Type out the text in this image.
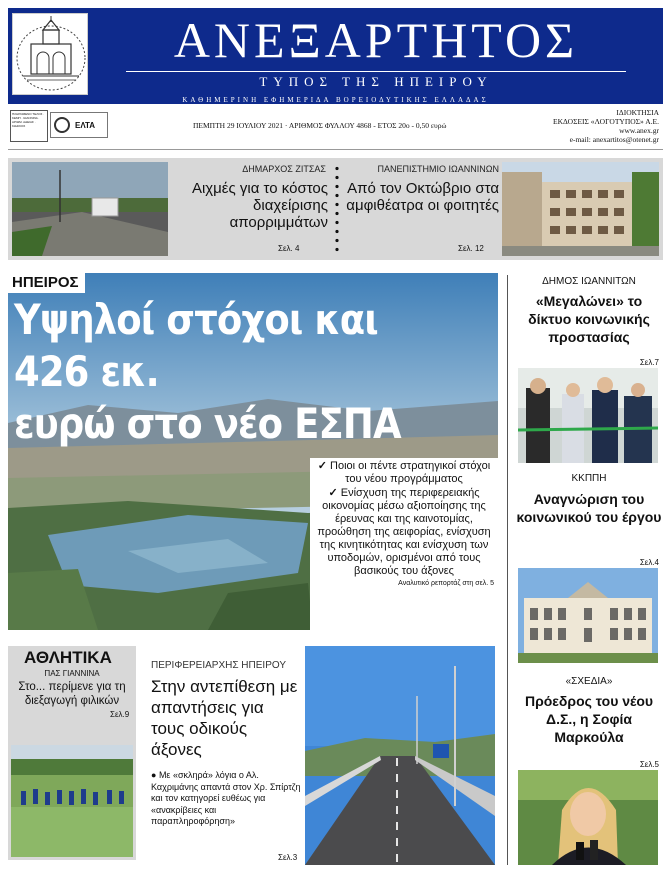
ΑΝΕΞΑΡΤΗΤΟΣ
ΤΥΠΟΣ ΤΗΣ ΗΠΕΙΡΟΥ
ΚΑΘΗΜΕΡΙΝΗ ΕΦΗΜΕΡΙΔΑ ΒΟΡΕΙΟΔΥΤΙΚΗΣ ΕΛΛΑΔΑΣ
ΠΛΗΡΩΜΕΝΟ ΤΕΛΟΣ · ΚΕΜΠ · ΙΩΑΝΝΙΝΑ · ΑΡΙΘΜ. ΑΔΕΙΑΣ · ΚΩΔΙΚΟΣ	ΕΛΤΑ	ΠΕΜΠΤΗ 29 ΙΟΥΛΙΟΥ 2021 · ΑΡΙΘΜΟΣ ΦΥΛΛΟΥ 4868 - ΕΤΟΣ 20ο - 0,50 ευρώ
ΙΔΙΟΚΤΗΣΙΑ
ΕΚΔΟΣΕΙΣ «ΛΟΓΟΤΥΠΟΣ» Α.Ε.
www.anex.gr
e-mail: anexartitos@otenet.gr
ΔΗΜΑΡΧΟΣ ΖΙΤΣΑΣ
Αιχμές για το κόστος διαχείρισης απορριμμάτων
Σελ. 4
ΠΑΝΕΠΙΣΤΗΜΙΟ ΙΩΑΝΝΙΝΩΝ
Από τον Οκτώβριο στα αμφιθέατρα οι φοιτητές
Σελ. 12
ΗΠΕΙΡΟΣ
Υψηλοί στόχοι και 426 εκ.
ευρώ στο νέο ΕΣΠΑ
✓ Ποιοι οι πέντε στρατηγικοί στόχοι του νέου προγράμματος
✓ Ενίσχυση της περιφερειακής οικονομίας μέσω αξιοποίησης της έρευνας και της καινοτομίας, προώθηση της αειφορίας, ενίσχυση της κινητικότητας και ενίσχυση των υποδομών, ορισμένοι από τους βασικούς του άξονες
Αναλυτικό ρεπορτάζ στη σελ. 5
ΔΗΜΟΣ ΙΩΑΝΝΙΤΩΝ
«Μεγαλώνει» το δίκτυο κοινωνικής προστασίας
Σελ.7
ΚΚΠΠΗ
Αναγνώριση του κοινωνικού του έργου
Σελ.4
«ΣΧΕΔΙΑ»
Πρόεδρος του νέου Δ.Σ., η Σοφία Μαρκούλα
Σελ.5
ΑΘΛΗΤΙΚΑ
ΠΑΣ ΓΙΑΝΝΙΝΑ
Στο... περίμενε για τη διεξαγωγή φιλικών
Σελ.9
ΠΕΡΙΦΕΡΕΙΑΡΧΗΣ ΗΠΕΙΡΟΥ
Στην αντεπίθεση με απαντήσεις για τους οδικούς άξονες
● Με «σκληρά» λόγια ο Αλ. Καχριμάνης απαντά στον Χρ. Σπίρτζη και τον κατηγορεί ευθέως για «ανακρίβειες και παραπληροφόρηση»
Σελ.3
